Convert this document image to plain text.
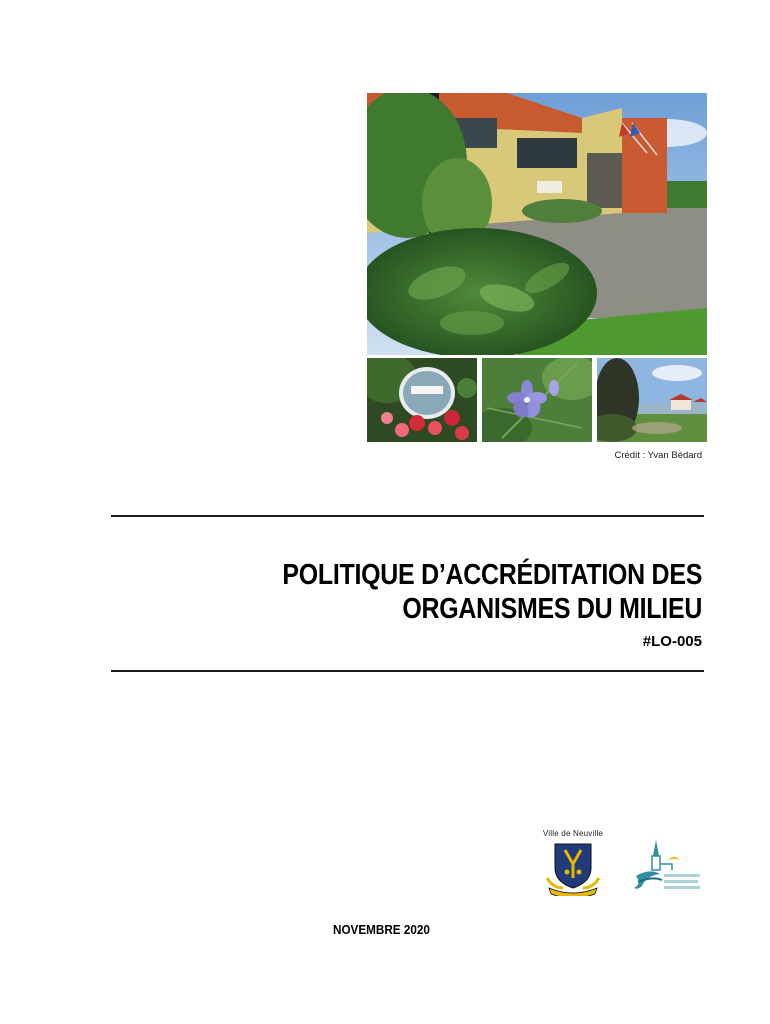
Crédit : Yvan Bédard
POLITIQUE D’ACCRÉDITATION DES
ORGANISMES DU MILIEU
#LO-005
Ville de Neuville
NOVEMBRE 2020
